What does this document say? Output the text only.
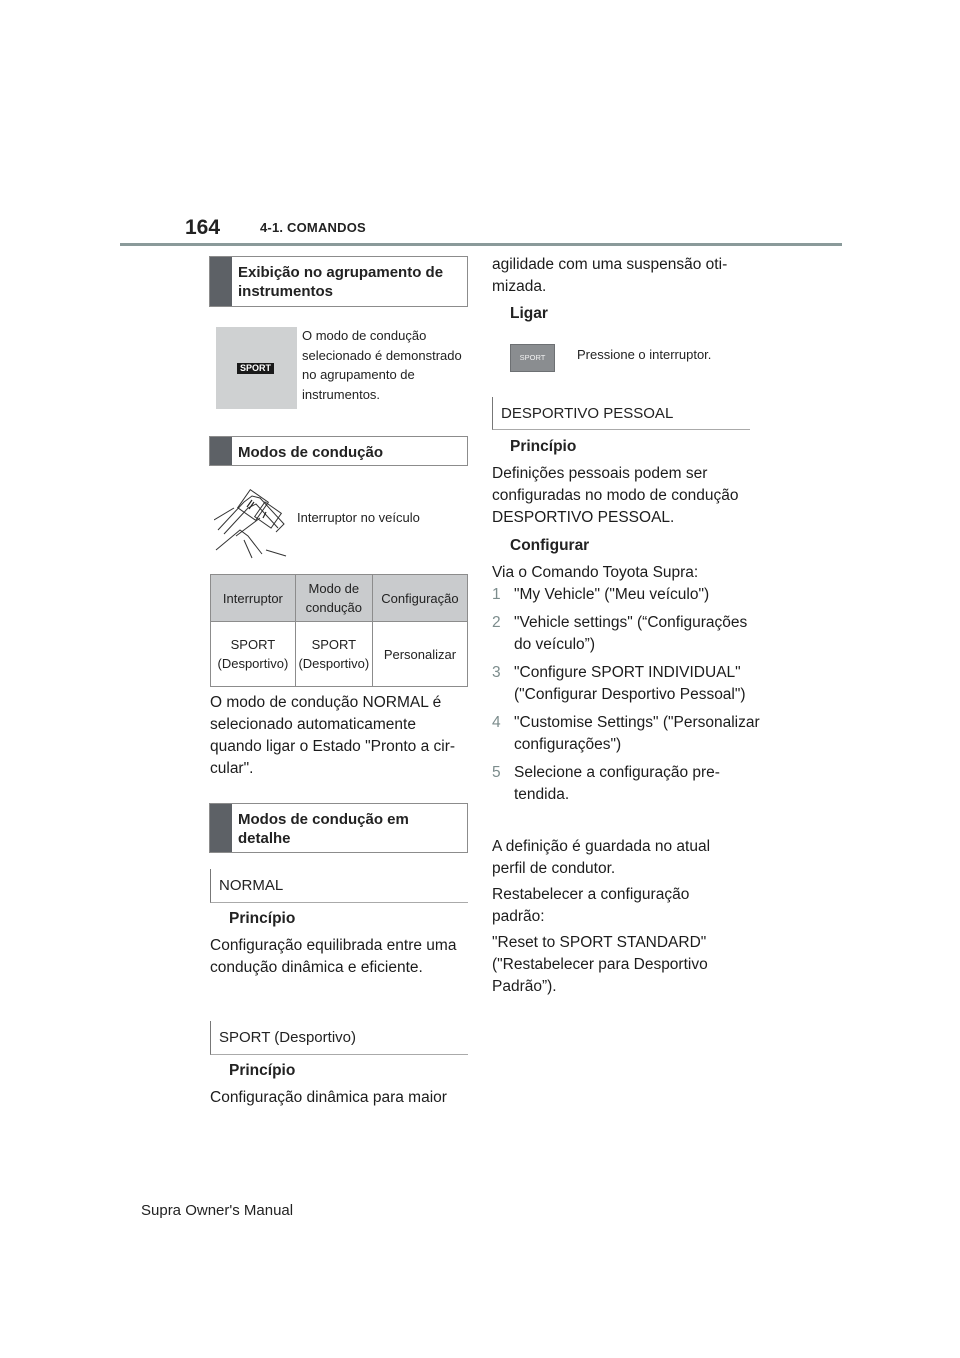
164	4-1. COMANDOS
Exibição no agrupamento de instrumentos
SPORT
O modo de condução selecionado é demonstrado no agrupamento de instrumentos.
Modos de condução
Interruptor no veículo
Interruptor	Modo de condução	Configuração
SPORT (Desportivo)	SPORT (Desportivo)	Personalizar
O modo de condução NORMAL é selecionado automaticamente quando ligar o Estado "Pronto a circular".
Modos de condução em detalhe
NORMAL
Princípio
Configuração equilibrada entre uma condução dinâmica e eficiente.
SPORT (Desportivo)
Princípio
Configuração dinâmica para maior
agilidade com uma suspensão otimizada.
Ligar
SPORT	Pressione o interruptor.
DESPORTIVO PESSOAL
Princípio
Definições pessoais podem ser configuradas no modo de condução DESPORTIVO PESSOAL.
Configurar
Via o Comando Toyota Supra:
1 "My Vehicle" ("Meu veículo")
2 "Vehicle settings" (“Configurações do veículo”)
3 "Configure SPORT INDIVIDUAL" ("Configurar Desportivo Pessoal")
4 "Customise Settings" ("Personalizar configurações")
5 Selecione a configuração pretendida.
A definição é guardada no atual perfil de condutor.
Restabelecer a configuração padrão:
"Reset to SPORT STANDARD" ("Restabelecer para Desportivo Padrão”).
Supra Owner's Manual
